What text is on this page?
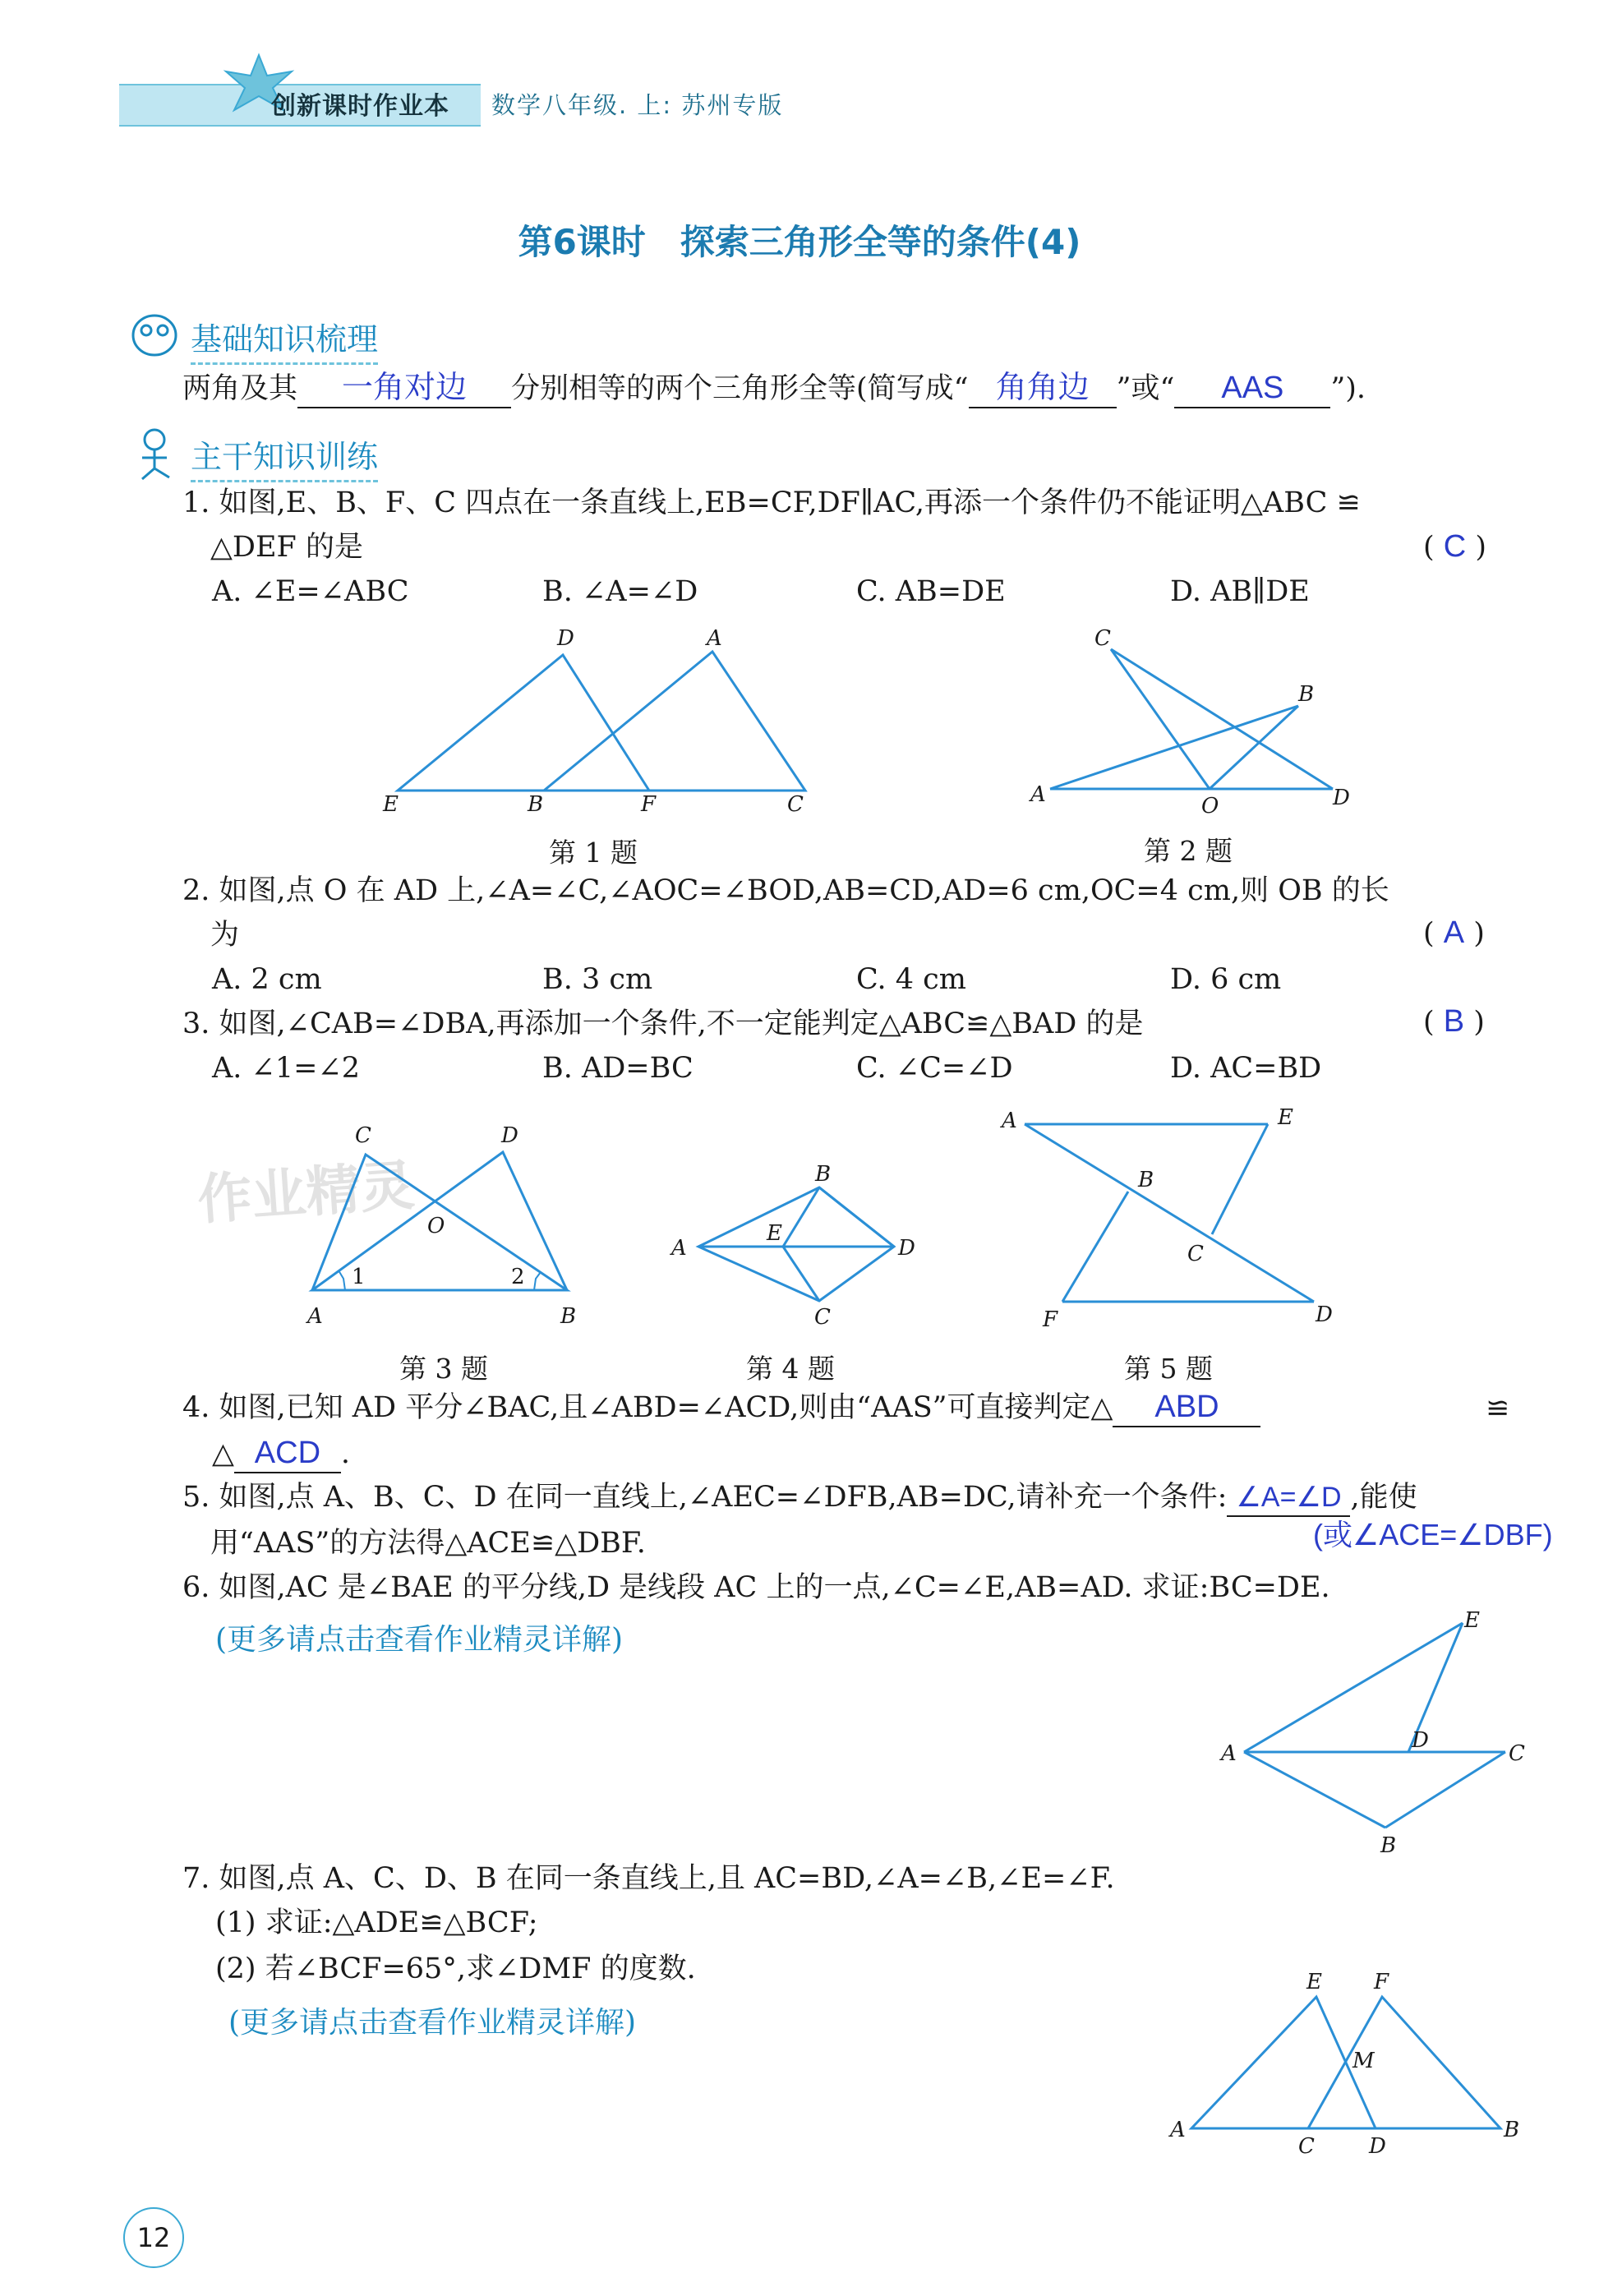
创新课时作业本 数学八年级. 上: 苏州专版
第6课时　探索三角形全等的条件(4)
基础知识梳理
两角及其 一角对边 分别相等的两个三角形全等(简写成“ 角角边 ”或“ AAS ”).
主干知识训练
1. 如图,E、B、F、C 四点在一条直线上,EB=CF,DF∥AC,再添一个条件仍不能证明△ABC ≌
△DEF 的是	( C )
A. ∠E=∠ABC	B. ∠A=∠D	C. AB=DE	D. AB∥DE
D	A
E	B	F	C
第 1 题
C
B
A	O	D
第 2 题
2. 如图,点 O 在 AD 上,∠A=∠C,∠AOC=∠BOD,AB=CD,AD=6 cm,OC=4 cm,则 OB 的长
为	( A )
A. 2 cm	B. 3 cm	C. 4 cm	D. 6 cm
3. 如图,∠CAB=∠DBA,再添加一个条件,不一定能判定△ABC≌△BAD 的是	( B )
A. ∠1=∠2	B. AD=BC	C. ∠C=∠D	D. AC=BD
作业精灵
C	D
O
1	2
A	B
第 3 题
B
E
A	D
C
第 4 题
A	E
B
C
F	D
第 5 题
4. 如图,已知 AD 平分∠BAC,且∠ABD=∠ACD,则由“AAS”可直接判定△ ABD	≌
△ ACD .
5. 如图,点 A、B、C、D 在同一直线上,∠AEC=∠DFB,AB=DC,请补充一个条件: ∠A=∠D ,能使
用“AAS”的方法得△ACE≌△DBF.	(或∠ACE=∠DBF)
6. 如图,AC 是∠BAE 的平分线,D 是线段 AC 上的一点,∠C=∠E,AB=AD. 求证:BC=DE.
(更多请点击查看作业精灵详解)
E
A
D
C
B
7. 如图,点 A、C、D、B 在同一条直线上,且 AC=BD,∠A=∠B,∠E=∠F.
(1) 求证:△ADE≌△BCF;
(2) 若∠BCF=65°,求∠DMF 的度数.
(更多请点击查看作业精灵详解)
E F
M
A
C	D
B
12
